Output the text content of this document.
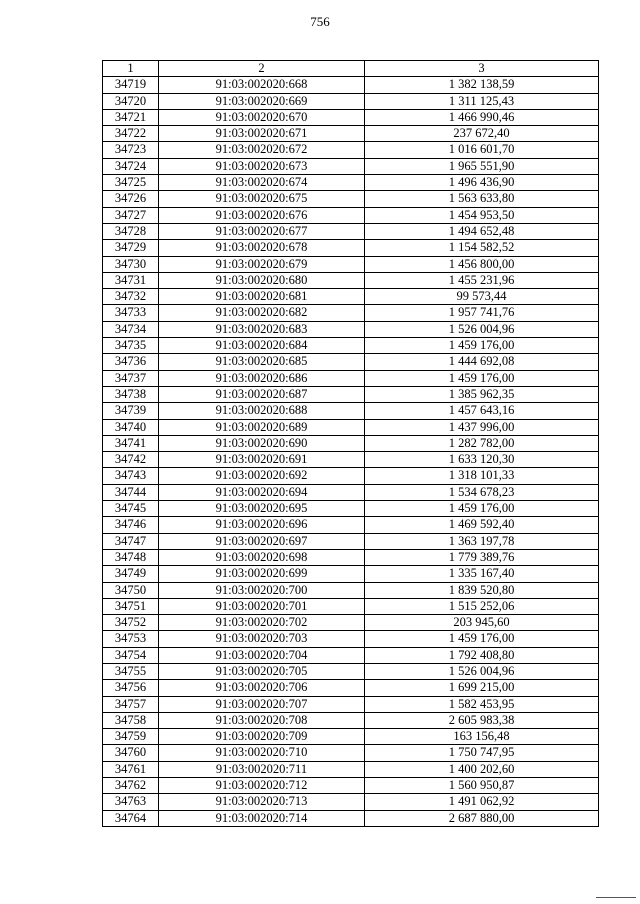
756
1	2	3
34719	91:03:002020:668	1 382 138,59
34720	91:03:002020:669	1 311 125,43
34721	91:03:002020:670	1 466 990,46
34722	91:03:002020:671	237 672,40
34723	91:03:002020:672	1 016 601,70
34724	91:03:002020:673	1 965 551,90
34725	91:03:002020:674	1 496 436,90
34726	91:03:002020:675	1 563 633,80
34727	91:03:002020:676	1 454 953,50
34728	91:03:002020:677	1 494 652,48
34729	91:03:002020:678	1 154 582,52
34730	91:03:002020:679	1 456 800,00
34731	91:03:002020:680	1 455 231,96
34732	91:03:002020:681	99 573,44
34733	91:03:002020:682	1 957 741,76
34734	91:03:002020:683	1 526 004,96
34735	91:03:002020:684	1 459 176,00
34736	91:03:002020:685	1 444 692,08
34737	91:03:002020:686	1 459 176,00
34738	91:03:002020:687	1 385 962,35
34739	91:03:002020:688	1 457 643,16
34740	91:03:002020:689	1 437 996,00
34741	91:03:002020:690	1 282 782,00
34742	91:03:002020:691	1 633 120,30
34743	91:03:002020:692	1 318 101,33
34744	91:03:002020:694	1 534 678,23
34745	91:03:002020:695	1 459 176,00
34746	91:03:002020:696	1 469 592,40
34747	91:03:002020:697	1 363 197,78
34748	91:03:002020:698	1 779 389,76
34749	91:03:002020:699	1 335 167,40
34750	91:03:002020:700	1 839 520,80
34751	91:03:002020:701	1 515 252,06
34752	91:03:002020:702	203 945,60
34753	91:03:002020:703	1 459 176,00
34754	91:03:002020:704	1 792 408,80
34755	91:03:002020:705	1 526 004,96
34756	91:03:002020:706	1 699 215,00
34757	91:03:002020:707	1 582 453,95
34758	91:03:002020:708	2 605 983,38
34759	91:03:002020:709	163 156,48
34760	91:03:002020:710	1 750 747,95
34761	91:03:002020:711	1 400 202,60
34762	91:03:002020:712	1 560 950,87
34763	91:03:002020:713	1 491 062,92
34764	91:03:002020:714	2 687 880,00
